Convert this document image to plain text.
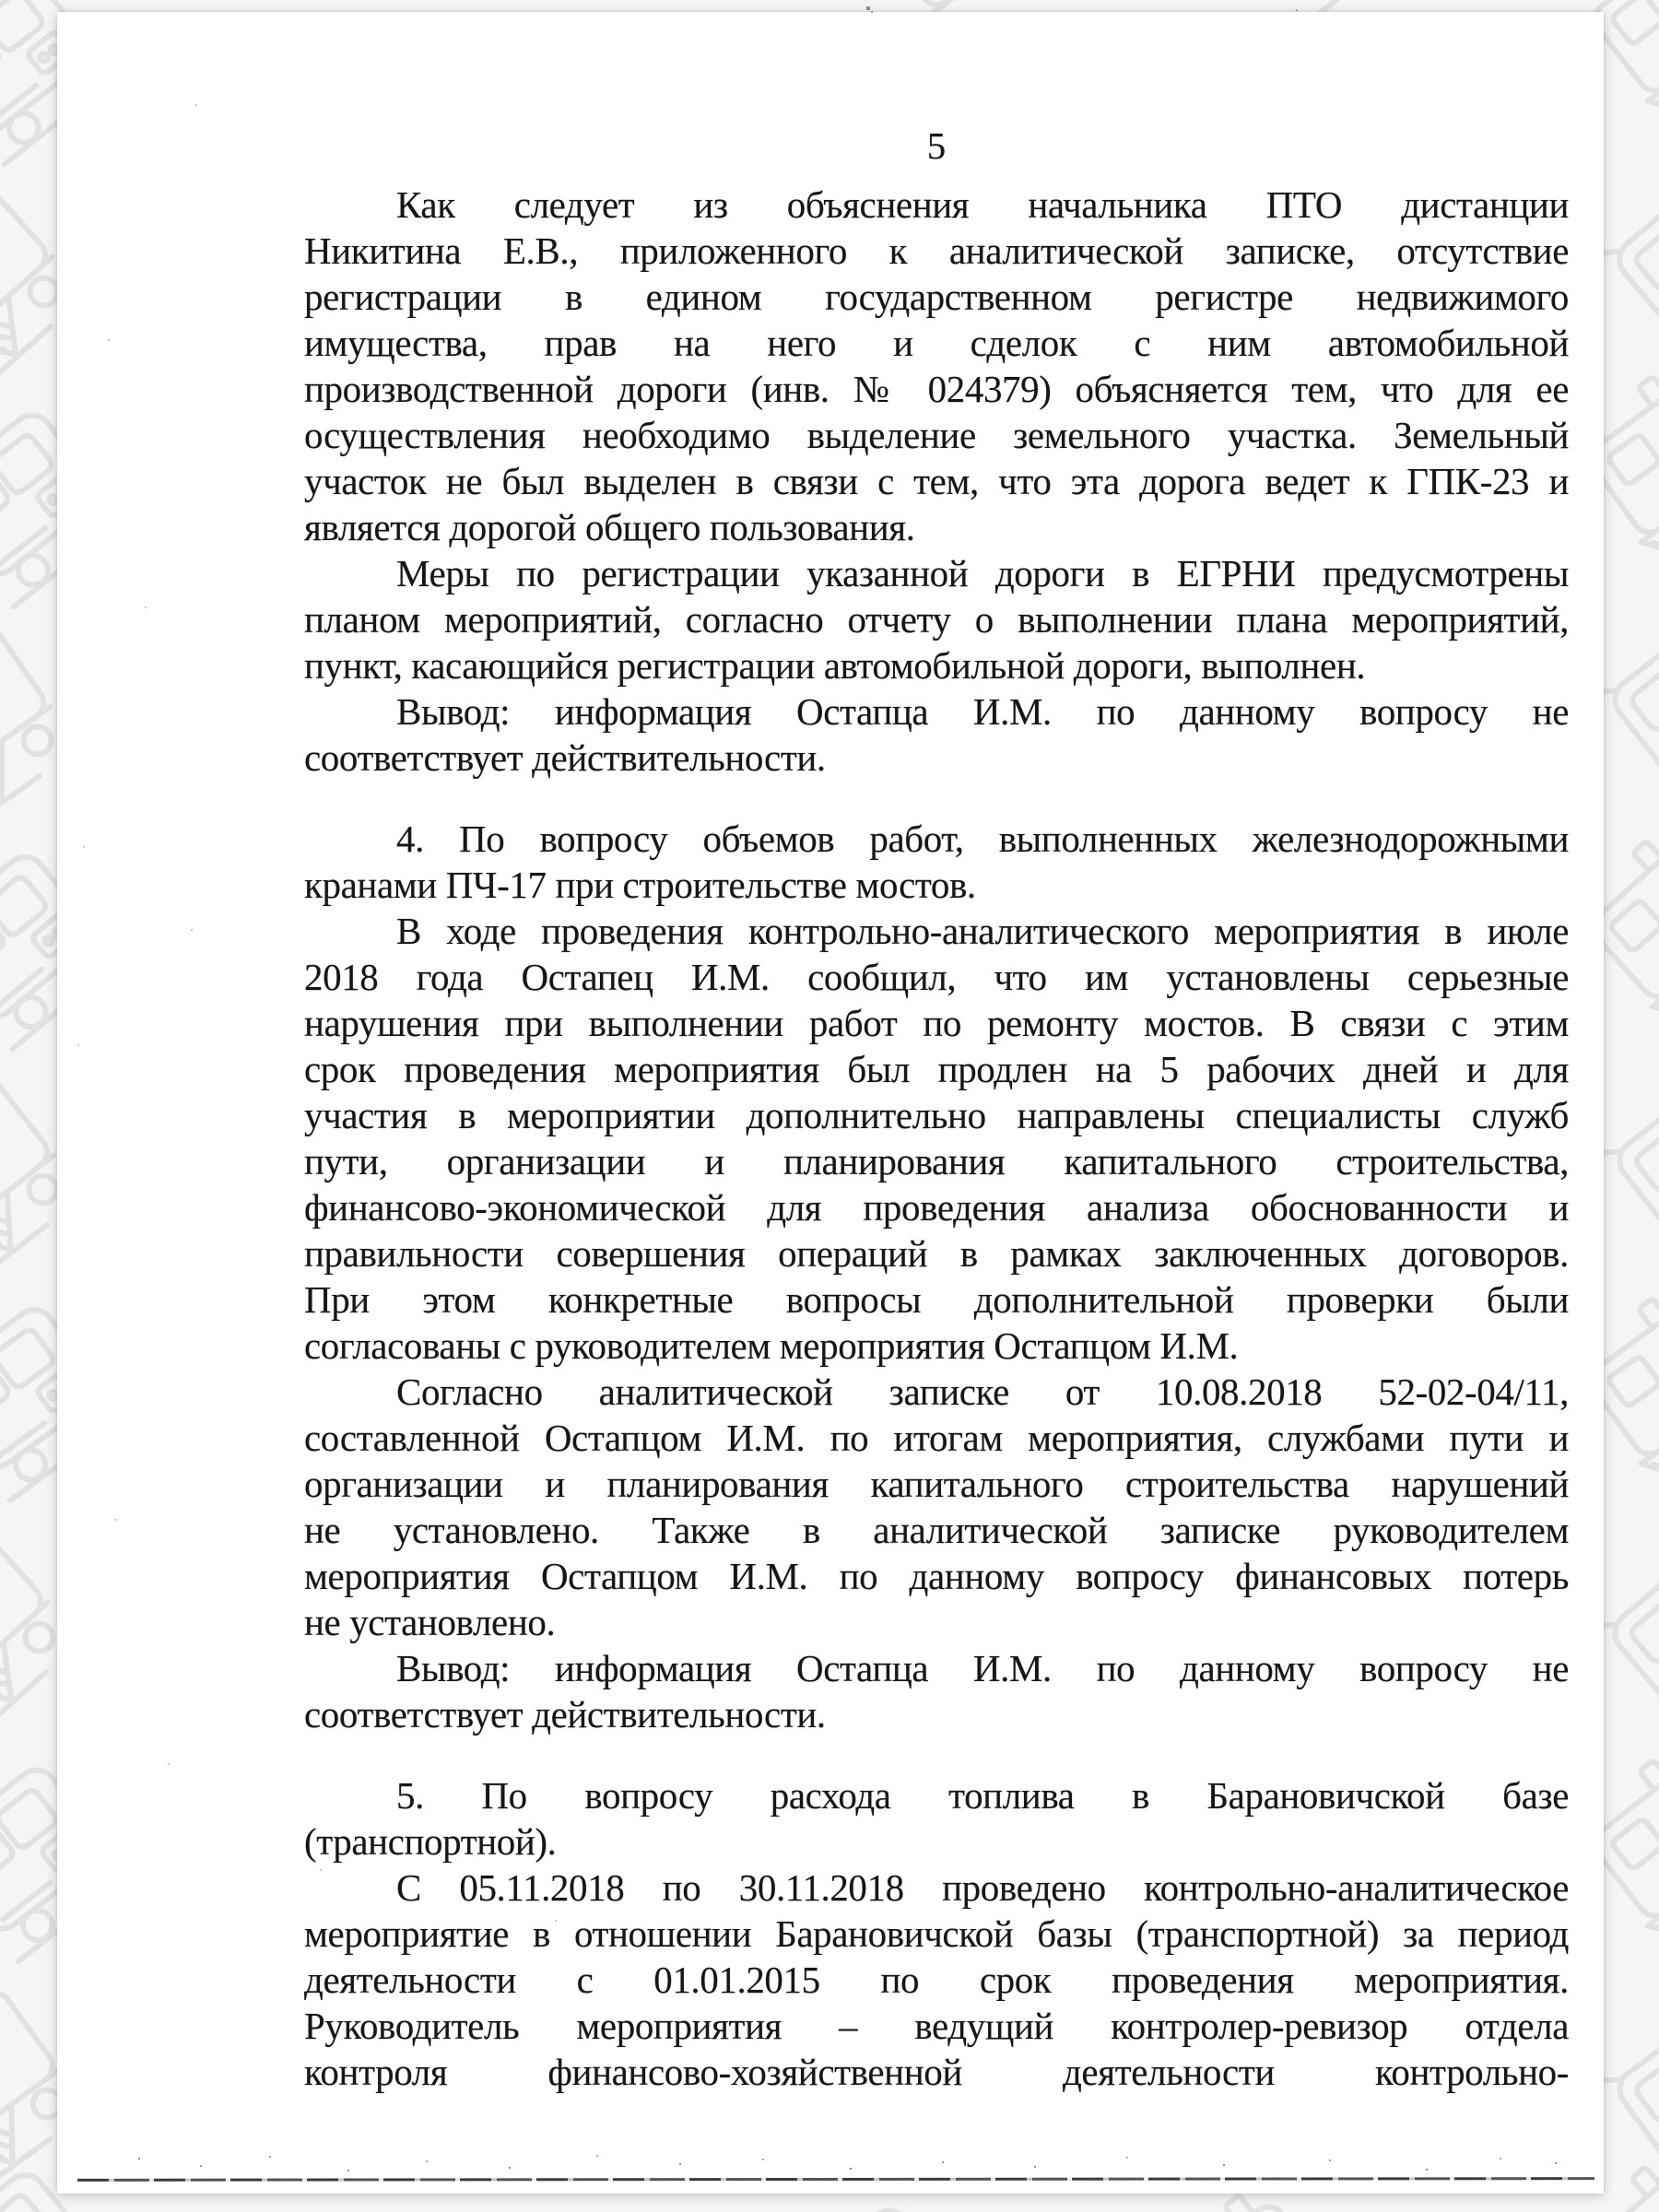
5
Как следует из объяснения начальника ПТО дистанции
Никитина Е.В., приложенного к аналитической записке, отсутствие
регистрации в едином государственном регистре недвижимого
имущества, прав на него и сделок с ним автомобильной
производственной дороги (инв. № 024379) объясняется тем, что для ее
осуществления необходимо выделение земельного участка. Земельный
участок не был выделен в связи с тем, что эта дорога ведет к ГПК-23 и
является дорогой общего пользования.
Меры по регистрации указанной дороги в ЕГРНИ предусмотрены
планом мероприятий, согласно отчету о выполнении плана мероприятий,
пункт, касающийся регистрации автомобильной дороги, выполнен.
Вывод: информация Остапца И.М. по данному вопросу не
соответствует действительности.
4. По вопросу объемов работ, выполненных железнодорожными
кранами ПЧ-17 при строительстве мостов.
В ходе проведения контрольно-аналитического мероприятия в июле
2018 года Остапец И.М. сообщил, что им установлены серьезные
нарушения при выполнении работ по ремонту мостов. В связи с этим
срок проведения мероприятия был продлен на 5 рабочих дней и для
участия в мероприятии дополнительно направлены специалисты служб
пути, организации и планирования капитального строительства,
финансово-экономической для проведения анализа обоснованности и
правильности совершения операций в рамках заключенных договоров.
При этом конкретные вопросы дополнительной проверки были
согласованы с руководителем мероприятия Остапцом И.М.
Согласно аналитической записке от 10.08.2018 52-02-04/11,
составленной Остапцом И.М. по итогам мероприятия, службами пути и
организации и планирования капитального строительства нарушений
не установлено. Также в аналитической записке руководителем
мероприятия Остапцом И.М. по данному вопросу финансовых потерь
не установлено.
Вывод: информация Остапца И.М. по данному вопросу не
соответствует действительности.
5. По вопросу расхода топлива в Барановичской базе
(транспортной).
С 05.11.2018 по 30.11.2018 проведено контрольно-аналитическое
мероприятие в отношении Барановичской базы (транспортной) за период
деятельности с 01.01.2015 по срок проведения мероприятия.
Руководитель мероприятия – ведущий контролер-ревизор отдела
контроля финансово-хозяйственной деятельности контрольно-
